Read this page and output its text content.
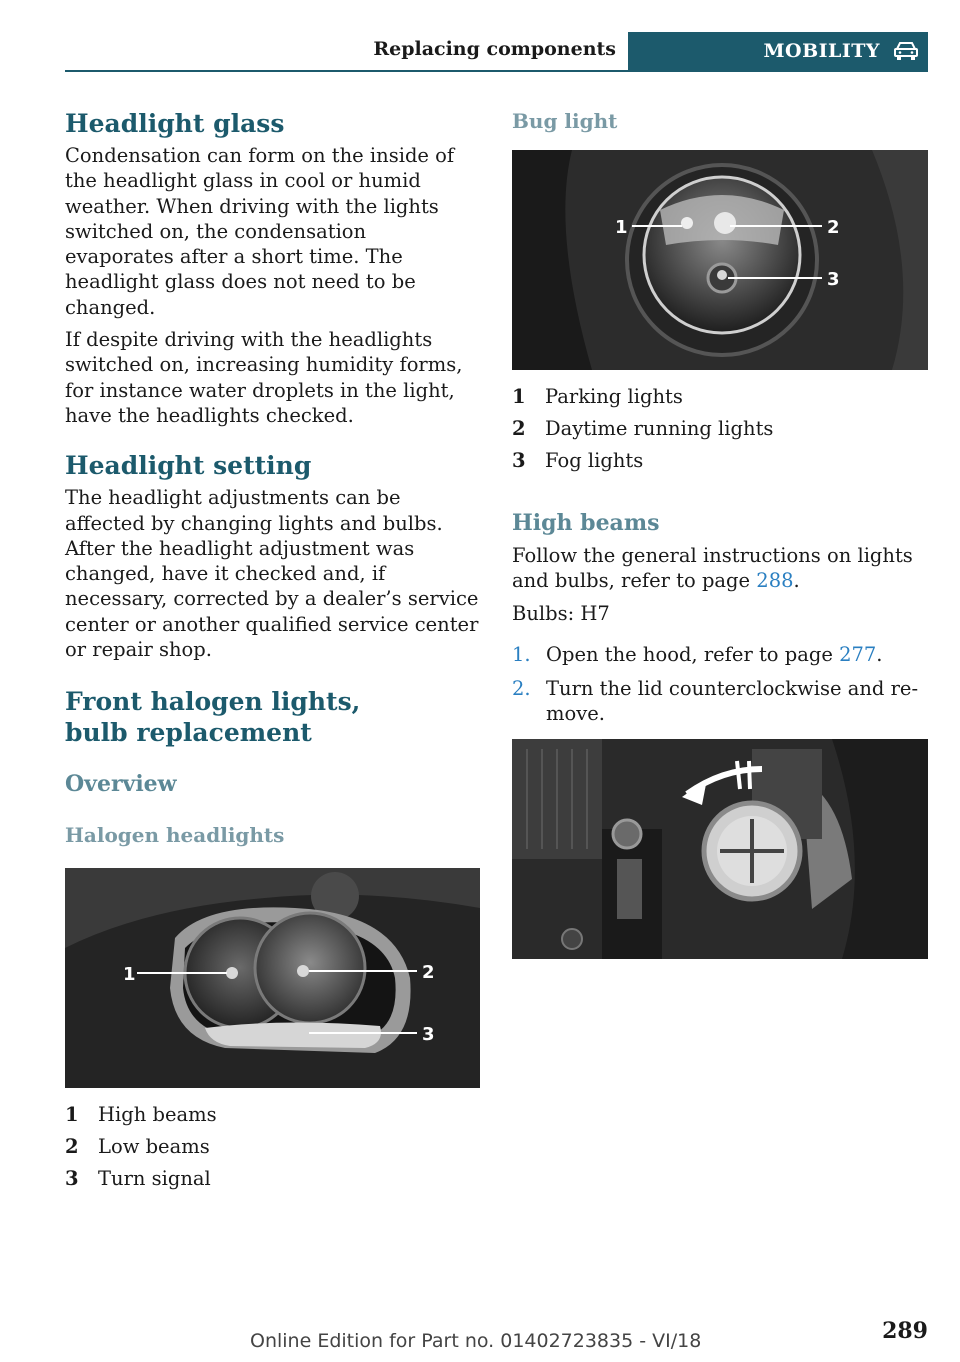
Replacing components	MOBILITY
Headlight glass

Condensation can form on the inside of the headlight glass in cool or humid weather. When driving with the lights switched on, the condensation evaporates after a short time. The headlight glass does not need to be changed.

If despite driving with the headlights switched on, increasing humidity forms, for instance water droplets in the light, have the headlights checked.

Headlight setting

The headlight adjustments can be affected by changing lights and bulbs. After the headlight adjustment was changed, have it checked and, if necessary, corrected by a dealer’s service center or another qualified service center or repair shop.

Front halogen lights, bulb replacement
Overview
Halogen headlights
1	2
3
1 High beams
2 Low beams
3 Turn signal
Bug light
1	2
3
1 Parking lights
2 Daytime running lights
3 Fog lights
High beams

Follow the general instructions on lights and bulbs, refer to page 288.

Bulbs: H7

1. Open the hood, refer to page 277.
2. Turn the lid counterclockwise and re‐move.
Online Edition for Part no. 01402723835 - VI/18	289
